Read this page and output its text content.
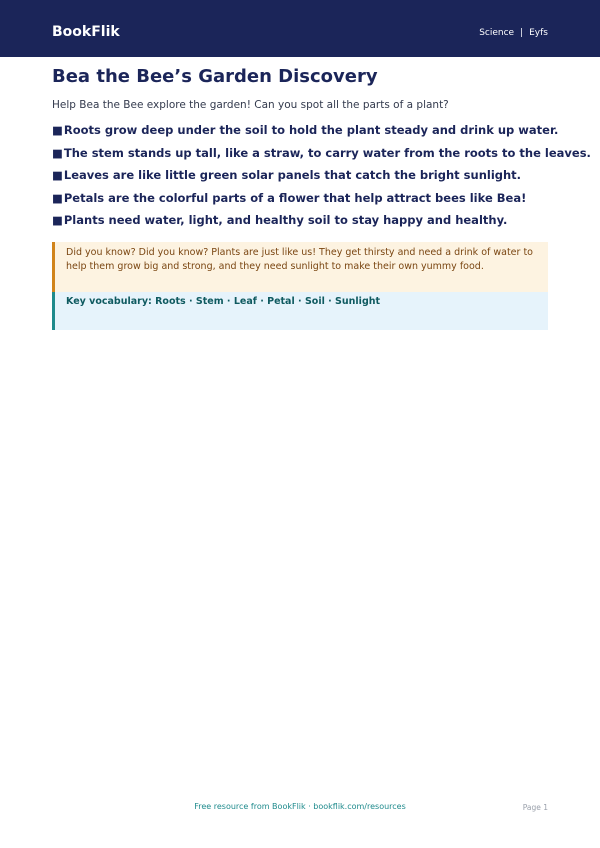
BookFlik	Science | Eyfs
Bea the Bee’s Garden Discovery

Help Bea the Bee explore the garden! Can you spot all the parts of a plant?

■Roots grow deep under the soil to hold the plant steady and drink up water.
■The stem stands up tall, like a straw, to carry water from the roots to the leaves.
■Leaves are like little green solar panels that catch the bright sunlight.
■Petals are the colorful parts of a flower that help attract bees like Bea!
■Plants need water, light, and healthy soil to stay happy and healthy.
Did you know? Did you know? Plants are just like us! They get thirsty and need a drink of water to help them grow big and strong, and they need sunlight to make their own yummy food.
Key vocabulary: Roots · Stem · Leaf · Petal · Soil · Sunlight
Free resource from BookFlik · bookflik.com/resources	Page 1
